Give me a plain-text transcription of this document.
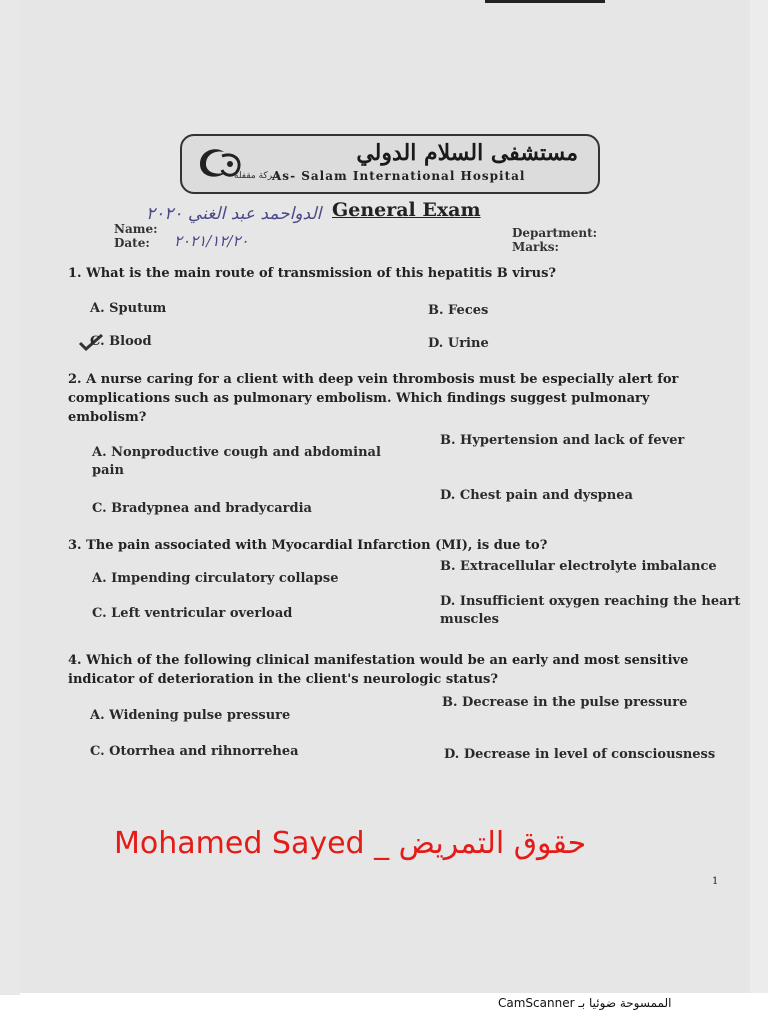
مستشفى السلام الدولي
شركة مقفلة
As- Salam International Hospital
General Exam
Name:
الدواحمد عبد الغني ٢٠٢٠
Date: ٢٠٢١/١٢/٢٠	Department:
Marks:
1. What is the main route of transmission of this hepatitis B virus?
A. Sputum	B. Feces
C. Blood	D. Urine
2. A nurse caring for a client with deep vein thrombosis must be especially alert for complications such as pulmonary embolism. Which findings suggest pulmonary embolism?
A. Nonproductive cough and abdominal pain
B. Hypertension and lack of fever
D. Chest pain and dyspnea
C. Bradypnea and bradycardia
3. The pain associated with Myocardial Infarction (MI), is due to?
B. Extracellular electrolyte imbalance
A. Impending circulatory collapse
D. Insufficient oxygen reaching the heart muscles
C. Left ventricular overload
4. Which of the following clinical manifestation would be an early and most sensitive indicator of deterioration in the client's neurologic status?
B. Decrease in the pulse pressure
A. Widening pulse pressure
C. Otorrhea and rihnorrehea	D. Decrease in level of consciousness
Mohamed Sayed _ حقوق التمريض
1
CamScanner الممسوحة ضوئيا بـ
